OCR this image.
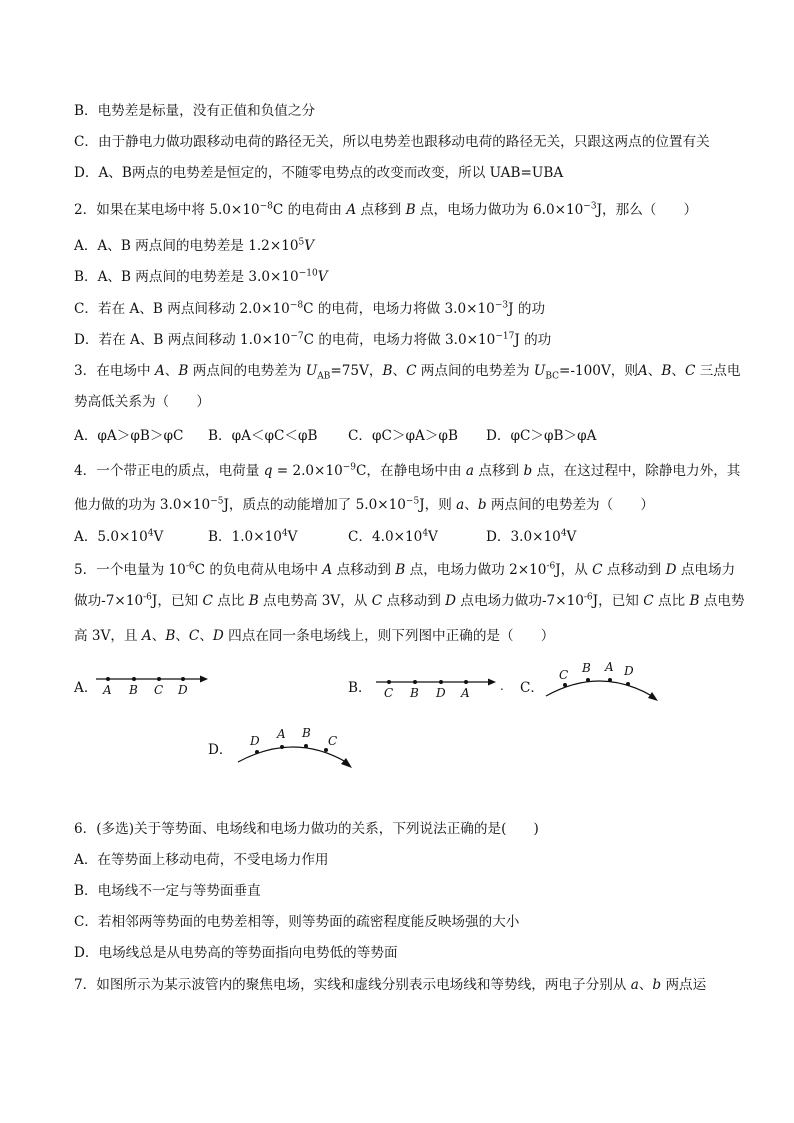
B．电势差是标量，没有正值和负值之分
C．由于静电力做功跟移动电荷的路径无关，所以电势差也跟移动电荷的路径无关，只跟这两点的位置有关
D．A、B两点的电势差是恒定的，不随零电势点的改变而改变，所以 UAB=UBA
2．如果在某电场中将 $5.0\times 10^{-8}C$ 的电荷由 A 点移到 B 点，电场力做功为 $6.0\times 10^{-3}J$，那么（　　）
A．A、B 两点间的电势差是 $1.2\times 10^5V$
B．A、B 两点间的电势差是 $3.0\times 10^{-10}V$
C．若在 A、B 两点间移动 $2.0\times 10^{-8}C$ 的电荷，电场力将做 $3.0\times 10^{-3}J$ 的功
D．若在 A、B 两点间移动 $1.0\times 10^{-7}C$ 的电荷，电场力将做 $3.0\times 10^{-17}J$ 的功
3．在电场中 A、B 两点间的电势差为 $U_{AB}=75V$，B、C 两点间的电势差为 $U_{BC}=-100V$，则A、B、C 三点电
势高低关系为（　　）
A．φA＞φB＞φC B．φA＜φC＜φB C．φC＞φA＞φB D．φC＞φB＞φA
4．一个带正电的质点，电荷量 $q = 2.0\times 10^{-9}C$，在静电场中由 a 点移到 b 点，在这过程中，除静电力外，其
他力做的功为 $3.0\times 10^{-5}J$，质点的动能增加了 $5.0\times 10^{-5}J$，则 a、b 两点间的电势差为（　　）
A．$5.0\times 10^4V$	B．$1.0\times 10^4V$	C．$4.0\times 10^4V$	D．$3.0\times 10^4V$
5．一个电量为 $10^{-6}C$ 的负电荷从电场中 A 点移动到 B 点，电场力做功 $2\times 10^{-6}J$，从 C 点移动到 D 点电场力
做功$-7\times 10^{-6}J$，已知 C 点比 B 点电势高 3V，从 C 点移动到 D 点电场力做功$-7\times 10^{-6}J$，已知 C 点比 B 点电势
高 3V，且 A、B、C、D 四点在同一条电场线上，则下列图中正确的是（　　）
A． A B C D	B． C B D A	. C．
C B A D
D．
D A B
C
6．(多选)关于等势面、电场线和电场力做功的关系，下列说法正确的是(　　)
A．在等势面上移动电荷，不受电场力作用
B．电场线不一定与等势面垂直
C．若相邻两等势面的电势差相等，则等势面的疏密程度能反映场强的大小
D．电场线总是从电势高的等势面指向电势低的等势面
7．如图所示为某示波管内的聚焦电场，实线和虚线分别表示电场线和等势线，两电子分别从 a、b 两点运
